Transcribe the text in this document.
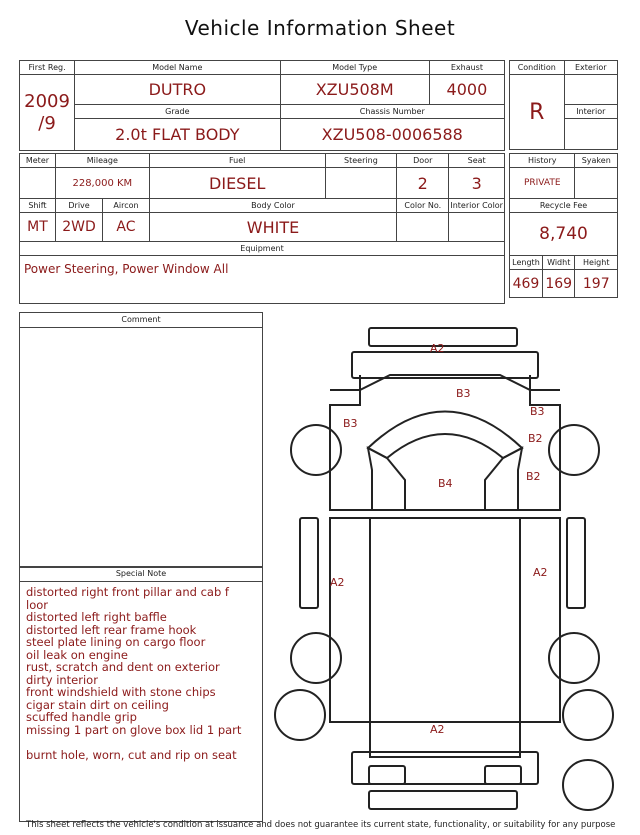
Vehicle Information Sheet
First Reg.	Model Name	Model Type	Exhaust

2009
/9	DUTRO	XZU508M	4000
	Grade	Chassis Number	
	2.0t FLAT BODY	XZU508-0006588	
Condition	Exterior
R	
	Interior

Meter	Mileage		Fuel	Steering	Door	Seat
	228,000 KM		DIESEL		2	3
Shift	Drive	Aircon	Body Color		Color No.	Interior Color
MT	2WD	AC	WHITE			
Equipment						
Power Steering, Power Window All						
History		Syaken
PRIVATE		
Recycle Fee		
8,740		
Length	Widht	Height
469	169	197
Comment
Special Note
distorted right front pillar and cab f
loor
distorted left right baffle
distorted left rear frame hook
steel plate lining on cargo floor
oil leak on engine
rust, scratch and dent on exterior
dirty interior
front windshield with stone chips
cigar stain dirt on ceiling
scuffed handle grip
missing 1 part on glove box lid 1 part

burnt hole, worn, cut and rip on seat
A2
B3
B3
B3
B2
B2
B4
A2
A2
A2
This sheet reflects the vehicle's condition at issuance and does not guarantee its current state, functionality, or suitability for any purpose
